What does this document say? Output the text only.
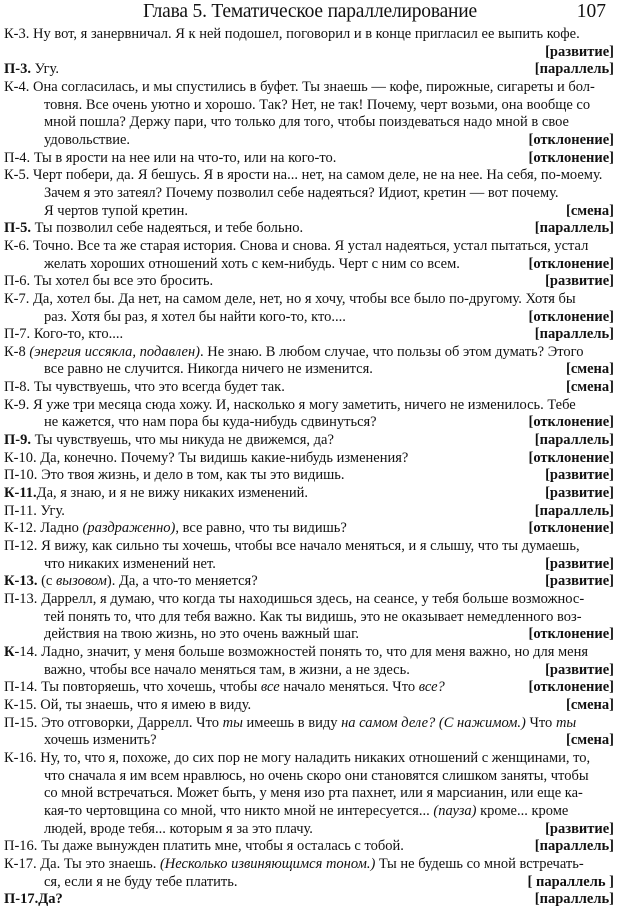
Глава 5. Тематическое параллелирование	107
К-3. Ну вот, я занервничал. Я к ней подошел, поговорил и в конце пригласил ее выпить кофе.
[развитие]
П-3. Угу.	[параллель]
К-4. Она согласилась, и мы спустились в буфет. Ты знаешь — кофе, пирожные, сигареты и бол-
товня. Все очень уютно и хорошо. Так? Нет, не так! Почему, черт возьми, она вообще со
мной пошла? Держу пари, что только для того, чтобы поиздеваться надо мной в свое
удовольствие.	[отклонение]
П-4. Ты в ярости на нее или на что-то, или на кого-то.	[отклонение]
К-5. Черт побери, да. Я бешусь. Я в ярости на... нет, на самом деле, не на нее. На себя, по-моему.
Зачем я это затеял? Почему позволил себе надеяться? Идиот, кретин — вот почему.
Я чертов тупой кретин.	[смена]
П-5. Ты позволил себе надеяться, и тебе больно.	[параллель]
К-6. Точно. Все та же старая история. Снова и снова. Я устал надеяться, устал пытаться, устал
желать хороших отношений хоть с кем-нибудь. Черт с ним со всем.	[отклонение]
П-6. Ты хотел бы все это бросить.	[развитие]
К-7. Да, хотел бы. Да нет, на самом деле, нет, но я хочу, чтобы все было по-другому. Хотя бы
раз. Хотя бы раз, я хотел бы найти кого-то, кто....	[отклонение]
П-7. Кого-то, кто....	[параллель]
К-8 (энергия иссякла, подавлен). Не знаю. В любом случае, что пользы об этом думать? Этого
все равно не случится. Никогда ничего не изменится.	[смена]
П-8. Ты чувствуешь, что это всегда будет так.	[смена]
К-9. Я уже три месяца сюда хожу. И, насколько я могу заметить, ничего не изменилось. Тебе
не кажется, что нам пора бы куда-нибудь сдвинуться?	[отклонение]
П-9. Ты чувствуешь, что мы никуда не движемся, да?	[параллель]
К-10. Да, конечно. Почему? Ты видишь какие-нибудь изменения?	[отклонение]
П-10. Это твоя жизнь, и дело в том, как ты это видишь.	[развитие]
К-11.Да, я знаю, и я не вижу никаких изменений.	[развитие]
П-11. Угу.	[параллель]
К-12. Ладно (раздраженно), все равно, что ты видишь?	[отклонение]
П-12. Я вижу, как сильно ты хочешь, чтобы все начало меняться, и я слышу, что ты думаешь,
что никаких изменений нет.	[развитие]
К-13. (с вызовом). Да, а что-то меняется?	[развитие]
П-13. Даррелл, я думаю, что когда ты находишься здесь, на сеансе, у тебя больше возможнос-
тей понять то, что для тебя важно. Как ты видишь, это не оказывает немедленного воз-
действия на твою жизнь, но это очень важный шаг.	[отклонение]
К-14. Ладно, значит, у меня больше возможностей понять то, что для меня важно, но для меня
важно, чтобы все начало меняться там, в жизни, а не здесь.	[развитие]
П-14. Ты повторяешь, что хочешь, чтобы все начало меняться. Что все?	[отклонение]
К-15. Ой, ты знаешь, что я имею в виду.	[смена]
П-15. Это отговорки, Даррелл. Что ты имеешь в виду на самом деле? (С нажимом.) Что ты
хочешь изменить?	[смена]
К-16. Ну, то, что я, похоже, до сих пор не могу наладить никаких отношений с женщинами, то,
что сначала я им всем нравлюсь, но очень скоро они становятся слишком заняты, чтобы
со мной встречаться. Может быть, у меня изо рта пахнет, или я марсианин, или еще ка-
кая-то чертовщина со мной, что никто мной не интересуется... (пауза) кроме... кроме
людей, вроде тебя... которым я за это плачу.	[развитие]
П-16. Ты даже вынужден платить мне, чтобы я осталась с тобой.	[параллель]
К-17. Да. Ты это знаешь. (Несколько извиняющимся тоном.) Ты не будешь со мной встречать-
ся, если я не буду тебе платить.	[ параллель ]
П-17.Да?	[параллель]
